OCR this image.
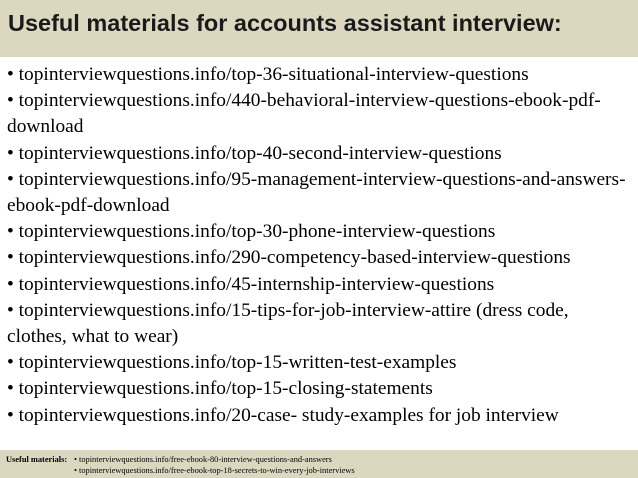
Useful materials for accounts assistant interview:
• topinterviewquestions.info/top-36-situational-interview-questions
• topinterviewquestions.info/440-behavioral-interview-questions-ebook-pdf-download
• topinterviewquestions.info/top-40-second-interview-questions
• topinterviewquestions.info/95-management-interview-questions-and-answers-ebook-pdf-download
• topinterviewquestions.info/top-30-phone-interview-questions
• topinterviewquestions.info/290-competency-based-interview-questions
• topinterviewquestions.info/45-internship-interview-questions
• topinterviewquestions.info/15-tips-for-job-interview-attire (dress code, clothes, what to wear)
• topinterviewquestions.info/top-15-written-test-examples
• topinterviewquestions.info/top-15-closing-statements
• topinterviewquestions.info/20-case- study-examples for job interview
Useful materials: • topinterviewquestions.info/free-ebook-80-interview-questions-and-answers
• topinterviewquestions.info/free-ebook-top-18-secrets-to-win-every-job-interviews
